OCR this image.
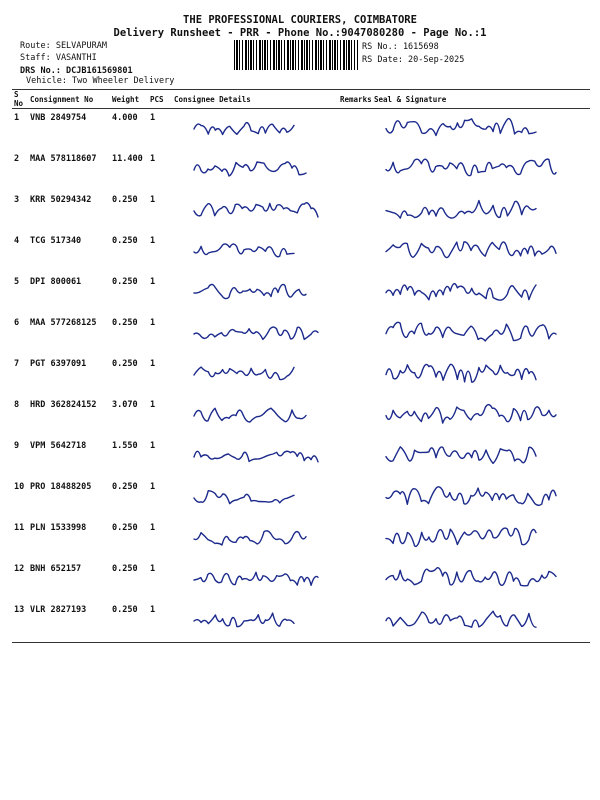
THE PROFESSIONAL COURIERS, COIMBATORE
Delivery Runsheet - PRR - Phone No.:9047080280 - Page No.:1
Route: SELVAPURAM
Staff: VASANTHI
DRS No.: DCJB161569801
Vehicle: Two Wheeler Delivery
RS No.: 1615698
RS Date: 20-Sep-2025
S No	Consignment No	Weight	PCS	Consignee Details	Remarks	Seal & Signature
1	VNB 2849754	4.000	1	

2	MAA 578118607	11.400	1	

3	KRR 50294342	0.250	1	

4	TCG 517340	0.250	1	

5	DPI 800061	0.250	1	

6	MAA 577268125	0.250	1	

7	PGT 6397091	0.250	1	

8	HRD 362824152	3.070	1	

9	VPM 5642718	1.550	1	

10	PRO 18488205	0.250	1	

11	PLN 1533998	0.250	1	

12	BNH 652157	0.250	1	

13	VLR 2827193	0.250	1	
